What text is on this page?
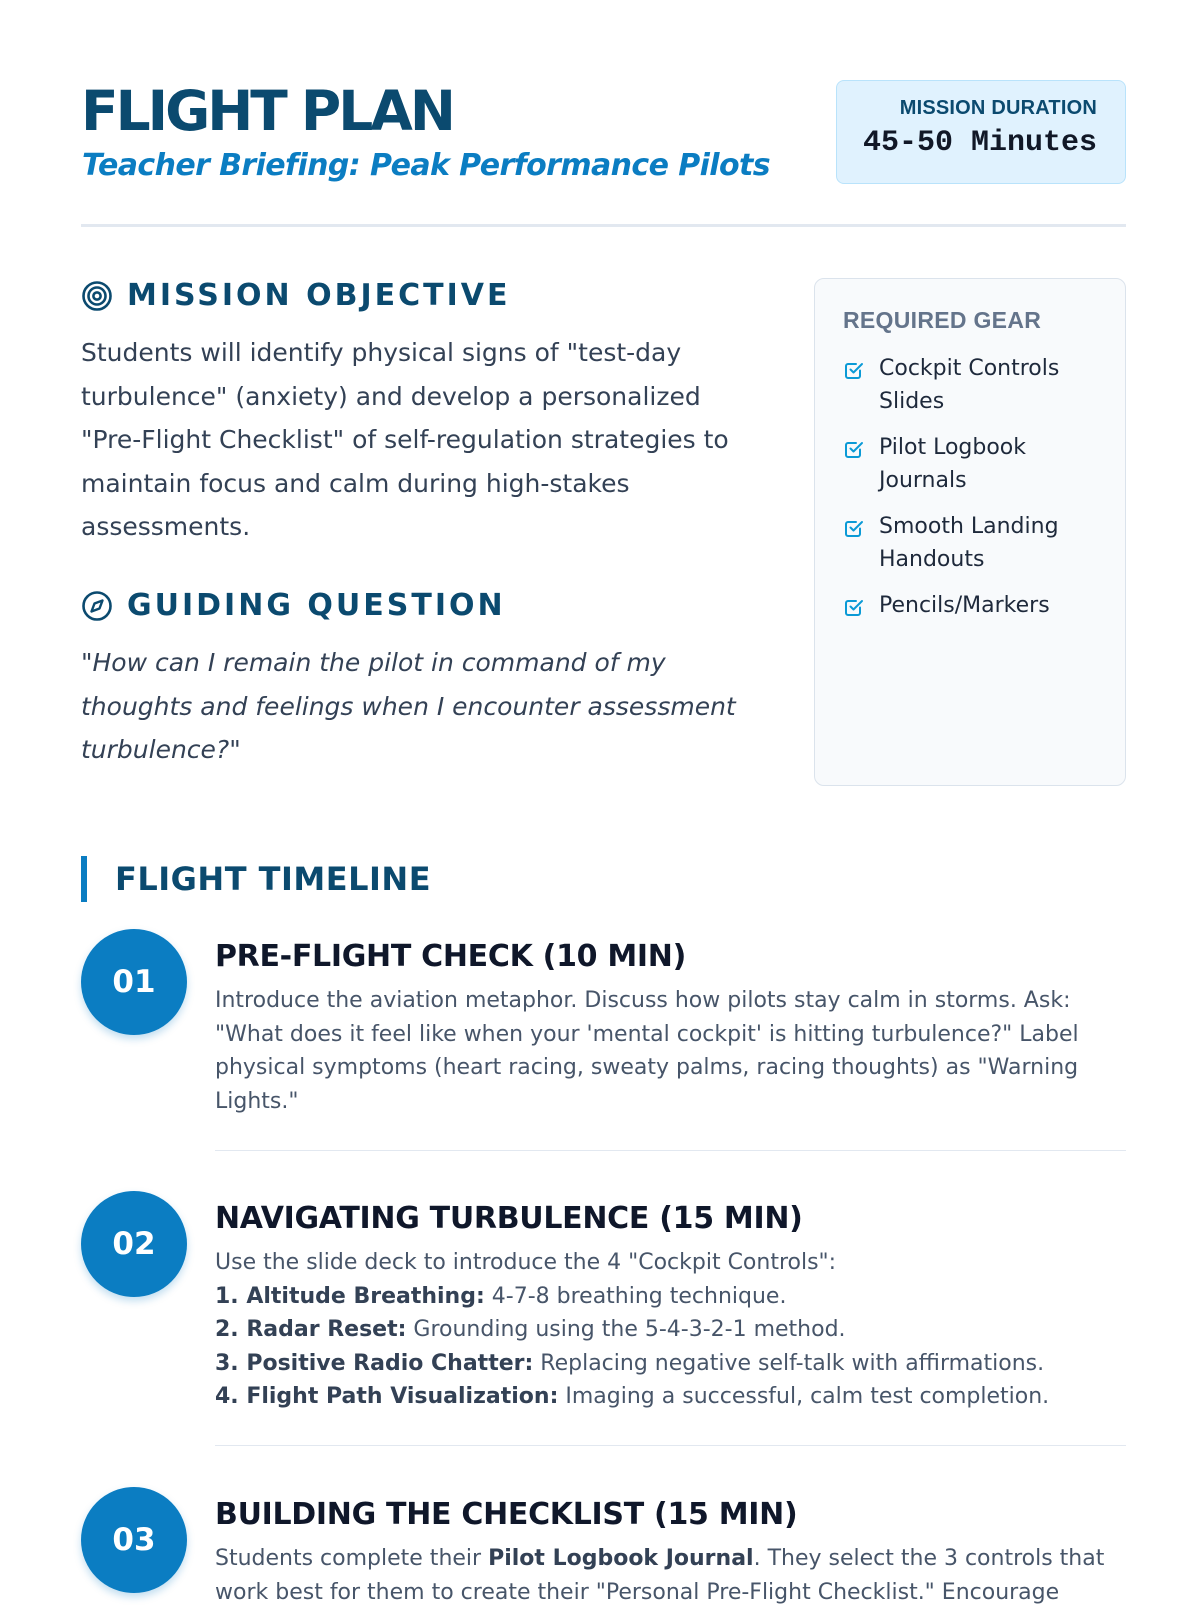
FLIGHT PLAN
Teacher Briefing: Peak Performance Pilots
MISSION DURATION
45-50 Minutes
MISSION OBJECTIVE

Students will identify physical signs of "test-day turbulence" (anxiety) and develop a personalized "Pre-Flight Checklist" of self-regulation strategies to maintain focus and calm during high-stakes assessments.

GUIDING QUESTION

"How can I remain the pilot in command of my thoughts and feelings when I encounter assessment turbulence?"

REQUIRED GEAR
Cockpit Controls Slides
Pilot Logbook Journals
Smooth Landing Handouts
Pencils/Markers
FLIGHT TIMELINE
01
PRE-FLIGHT CHECK (10 MIN)

Introduce the aviation metaphor. Discuss how pilots stay calm in storms. Ask: "What does it feel like when your 'mental cockpit' is hitting turbulence?" Label physical symptoms (heart racing, sweaty palms, racing thoughts) as "Warning Lights."

02
NAVIGATING TURBULENCE (15 MIN)
Use the slide deck to introduce the 4 "Cockpit Controls":
1. Altitude Breathing: 4-7-8 breathing technique.
2. Radar Reset: Grounding using the 5-4-3-2-1 method.
3. Positive Radio Chatter: Replacing negative self-talk with affirmations.
4. Flight Path Visualization: Imaging a successful, calm test completion.
03
BUILDING THE CHECKLIST (15 MIN)

Students complete their Pilot Logbook Journal. They select the 3 controls that work best for them to create their "Personal Pre-Flight Checklist." Encourage
